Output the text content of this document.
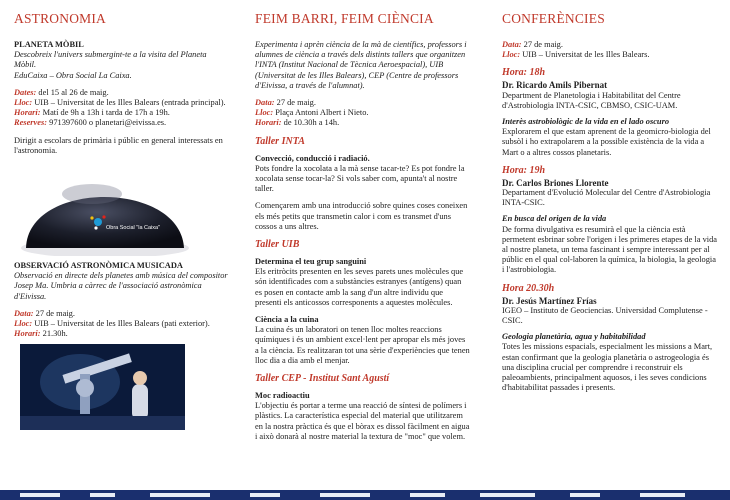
ASTRONOMIA

PLANETA MÒBIL

Descobreix l'univers submergint-te a la visita del Planeta Mòbil.

EduCaixa – Obra Social La Caixa.

Dates: del 15 al 26 de maig.

Lloc: UIB – Universitat de les Illes Balears (entrada principal).

Horari: Matí de 9h a 13h i tarda de 17h a 19h.

Reserves: 971397600 o planetari@eivissa.es.

Dirigit a escolars de primària i públic en general interessats en l'astronomia.

Obra Social "la Caixa"

OBSERVACIÓ ASTRONÒMICA MUSICADA

Observació en directe dels planetes amb música del compositor Josep Ma. Umbria a càrrec de l'associació astronòmica d'Eivissa.

Data: 27 de maig.

Lloc: UIB – Universitat de les Illes Balears (pati exterior).

Horari: 21.30h.

FEIM BARRI, FEIM CIÈNCIA

Experimenta i aprèn ciència de la mà de científics, professors i alumnes de ciència a través dels distints tallers que organitzen l'INTA (Institut Nacional de Tècnica Aeroespacial), UIB (Universitat de les Illes Balears), CEP (Centre de professors d'Eivissa, a través de l'alumnat).

Data: 27 de maig.

Lloc: Plaça Antoni Albert i Nieto.

Horari: de 10.30h a 14h.

Taller INTA

Convecció, conducció i radiació.

Pots fondre la xocolata a la mà sense tacar-te? Es pot fondre la xocolata sense tocar-la? Si vols saber com, apunta't al nostre taller.

Començarem amb una introducció sobre quines coses coneixen els més petits que transmetin calor i com es transmet d'uns cossos a uns altres.

Taller UIB

Determina el teu grup sanguini

Els eritròcits presenten en les seves parets unes molècules que són identificades com a substàncies estranyes (antígens) quan es posen en contacte amb la sang d'un altre individu que presenti els anticossos corresponents a aquestes molècules.

Ciència a la cuina

La cuina és un laboratori on tenen lloc moltes reaccions químiques i és un ambient excel·lent per apropar els més joves a la ciència. Es realitzaran tot una sèrie d'experiències que tenen lloc dia a dia amb el menjar.

Taller CEP - Institut Sant Agustí

Moc radioactiu

L'objectiu és portar a terme una reacció de síntesi de polímers i plàstics. La característica especial del material que utilitzarem en la nostra pràctica és que el bòrax es dissol fàcilment en aigua i això donarà al nostre material la textura de "moc" que volem.

CONFERÈNCIES

Data: 27 de maig.

Lloc: UIB – Universitat de les Illes Balears.

Hora: 18h

Dr. Ricardo Amils Pibernat

Department de Planetologia i Habitabilitat del Centre d'Astrobiologia INTA-CSIC, CBMSO, CSIC-UAM.

Interès astrobiològic de la vida en el lado oscuro

Explorarem el que estam aprenent de la geomicro-biologia del subsòl i ho extrapolarem a la possible existència de la vida a Mart o a altres cossos planetaris.

Hora: 19h

Dr. Carlos Briones Llorente

Departament d'Evolució Molecular del Centre d'Astrobiologia INTA-CSIC.

En busca del origen de la vida

De forma divulgativa es resumirà el que la ciència està permetent esbrinar sobre l'origen i les primeres etapes de la vida al nostre planeta, un tema fascinant i sempre interessant per al públic en el qual col-laboren la química, la biologia, la geologia i l'astrobiologia.

Hora 20.30h

Dr. Jesús Martínez Frías

IGEO – Instituto de Geociencias. Universidad Complutense - CSIC.

Geologia planetària, agua y habitabilidad

Totes les missions espacials, especialment les missions a Mart, estan confirmant que la geologia planetària o astrogeologia és una disciplina crucial per comprendre i reconstruir els paleoambients, principalment aquosos, i les seves condicions d'habitabilitat passades i presents.
